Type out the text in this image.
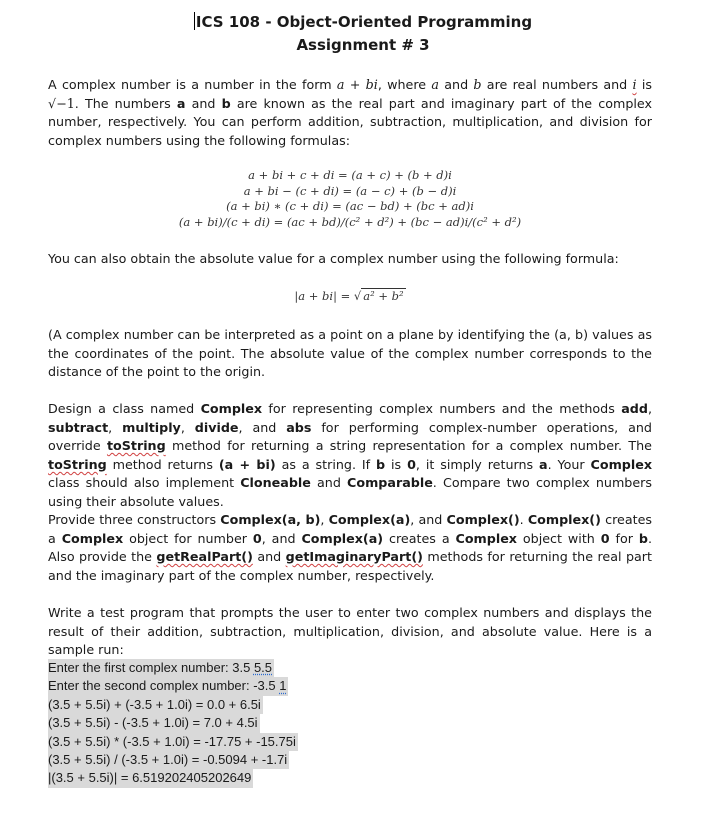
ICS 108 - Object-Oriented Programming
Assignment # 3
A complex number is a number in the form a + bi, where a and b are real numbers and i is √−1. The numbers a and b are known as the real part and imaginary part of the complex number, respectively. You can perform addition, subtraction, multiplication, and division for complex numbers using the following formulas:
a + bi + c + di = (a + c) + (b + d)i
a + bi − (c + di) = (a − c) + (b − d)i
(a + bi) ∗ (c + di) = (ac − bd) + (bc + ad)i
(a + bi)/(c + di) = (ac + bd)/(c² + d²) + (bc − ad)i/(c² + d²)
You can also obtain the absolute value for a complex number using the following formula:
|a + bi| = √ a² + b²
(A complex number can be interpreted as a point on a plane by identifying the (a, b) values as the coordinates of the point. The absolute value of the complex number corresponds to the distance of the point to the origin.
Design a class named Complex for representing complex numbers and the methods add, subtract, multiply, divide, and abs for performing complex-number operations, and override toString method for returning a string representation for a complex number. The toString method returns (a + bi) as a string. If b is 0, it simply returns a. Your Complex class should also implement Cloneable and Comparable. Compare two complex numbers using their absolute values.
Provide three constructors Complex(a, b), Complex(a), and Complex(). Complex() creates a Complex object for number 0, and Complex(a) creates a Complex object with 0 for b. Also provide the getRealPart() and getImaginaryPart() methods for returning the real part and the imaginary part of the complex number, respectively.
Write a test program that prompts the user to enter two complex numbers and displays the result of their addition, subtraction, multiplication, division, and absolute value. Here is a sample run:
Enter the first complex number: 3.5 5.5
Enter the second complex number: -3.5 1
(3.5 + 5.5i) + (-3.5 + 1.0i) = 0.0 + 6.5i
(3.5 + 5.5i) - (-3.5 + 1.0i) = 7.0 + 4.5i
(3.5 + 5.5i) * (-3.5 + 1.0i) = -17.75 + -15.75i
(3.5 + 5.5i) / (-3.5 + 1.0i) = -0.5094 + -1.7i
|(3.5 + 5.5i)| = 6.519202405202649
